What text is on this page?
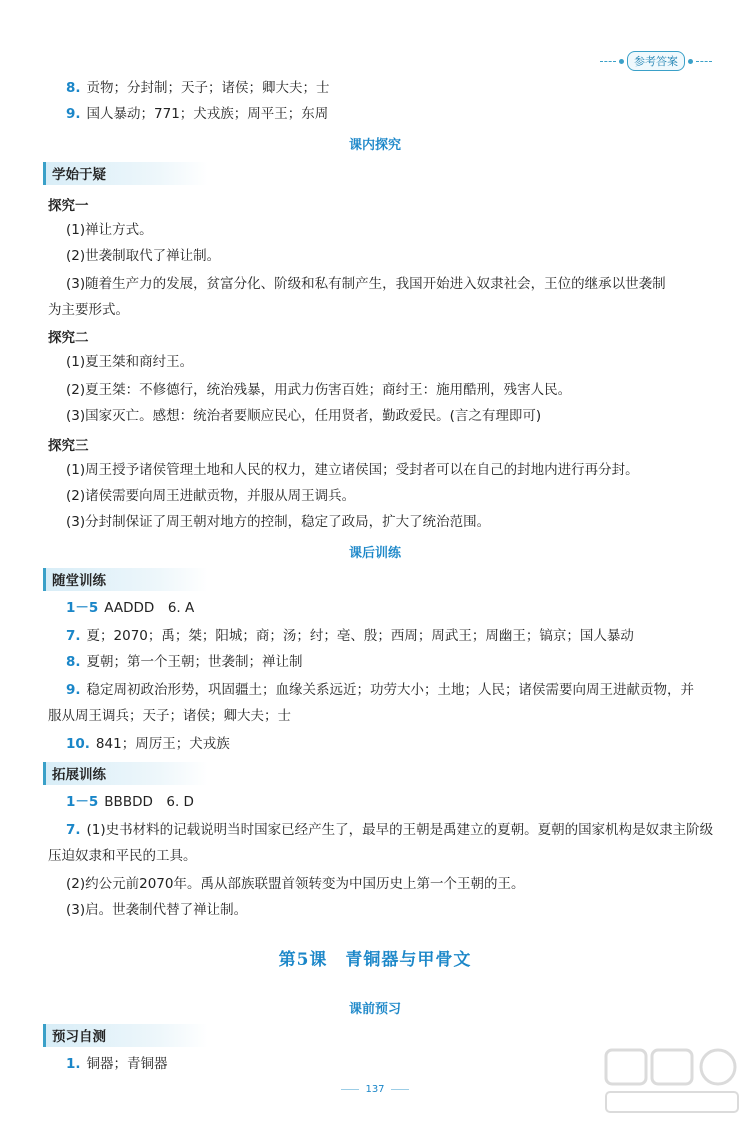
参考答案
8. 贡物；分封制；天子；诸侯；卿大夫；士
9. 国人暴动；771；犬戎族；周平王；东周
课内探究
学始于疑
探究一
(1)禅让方式。
(2)世袭制取代了禅让制。
(3)随着生产力的发展，贫富分化、阶级和私有制产生，我国开始进入奴隶社会，王位的继承以世袭制
为主要形式。
探究二
(1)夏王桀和商纣王。
(2)夏王桀：不修德行，统治残暴，用武力伤害百姓；商纣王：施用酷刑，残害人民。
(3)国家灭亡。感想：统治者要顺应民心，任用贤者，勤政爱民。(言之有理即可)
探究三
(1)周王授予诸侯管理土地和人民的权力，建立诸侯国；受封者可以在自己的封地内进行再分封。
(2)诸侯需要向周王进献贡物，并服从周王调兵。
(3)分封制保证了周王朝对地方的控制，稳定了政局，扩大了统治范围。
课后训练
随堂训练
1－5 AADDD　6. A
7. 夏；2070；禹；桀；阳城；商；汤；纣；亳、殷；西周；周武王；周幽王；镐京；国人暴动
8. 夏朝；第一个王朝；世袭制；禅让制
9. 稳定周初政治形势，巩固疆土；血缘关系远近；功劳大小；土地；人民；诸侯需要向周王进献贡物，并
服从周王调兵；天子；诸侯；卿大夫；士
10. 841；周厉王；犬戎族
拓展训练
1－5 BBBDD　6. D
7. (1)史书材料的记载说明当时国家已经产生了，最早的王朝是禹建立的夏朝。夏朝的国家机构是奴隶主阶级
压迫奴隶和平民的工具。
(2)约公元前2070年。禹从部族联盟首领转变为中国历史上第一个王朝的王。
(3)启。世袭制代替了禅让制。
第5课　青铜器与甲骨文
课前预习
预习自测
1. 铜器；青铜器
137
